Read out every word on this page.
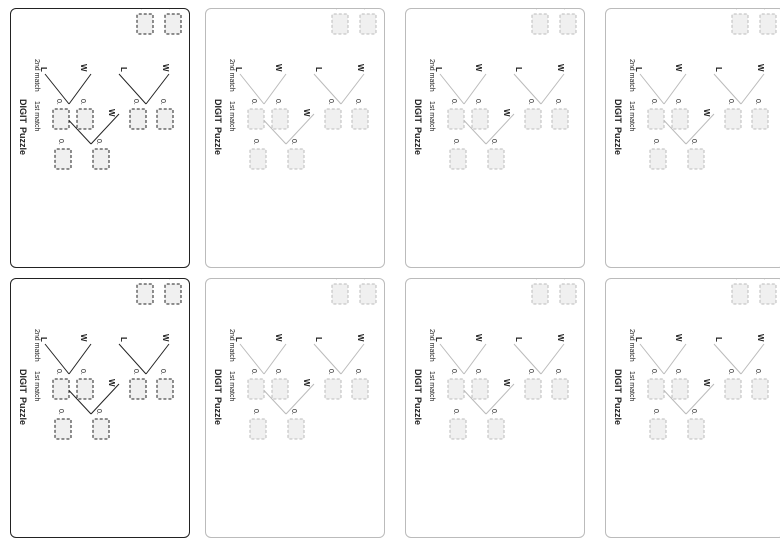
DIGITPuzzle
1st match
2nd match
W
W
L
W
L
0.
0.
0.
0.
0.
0.	DIGITPuzzle
1st match
2nd match
W
W
L
W
L
0.
0.
0.
0.
0.
0.	DIGITPuzzle
1st match
2nd match
W
W
L
W
L
0.
0.
0.
0.
0.
0.	DIGITPuzzle
1st match
2nd match
W
W
L
W
L
0.
0.
0.
0.
0.
0.
DIGITPuzzle
1st match
2nd match
W
W
L
W
L
0.
0.
0.
0.
0.
0.	DIGITPuzzle
1st match
2nd match
W
W
L
W
L
0.
0.
0.
0.
0.
0.	DIGITPuzzle
1st match
2nd match
W
W
L
W
L
0.
0.
0.
0.
0.
0.	DIGITPuzzle
1st match
2nd match
W
W
L
W
L
0.
0.
0.
0.
0.
0.
